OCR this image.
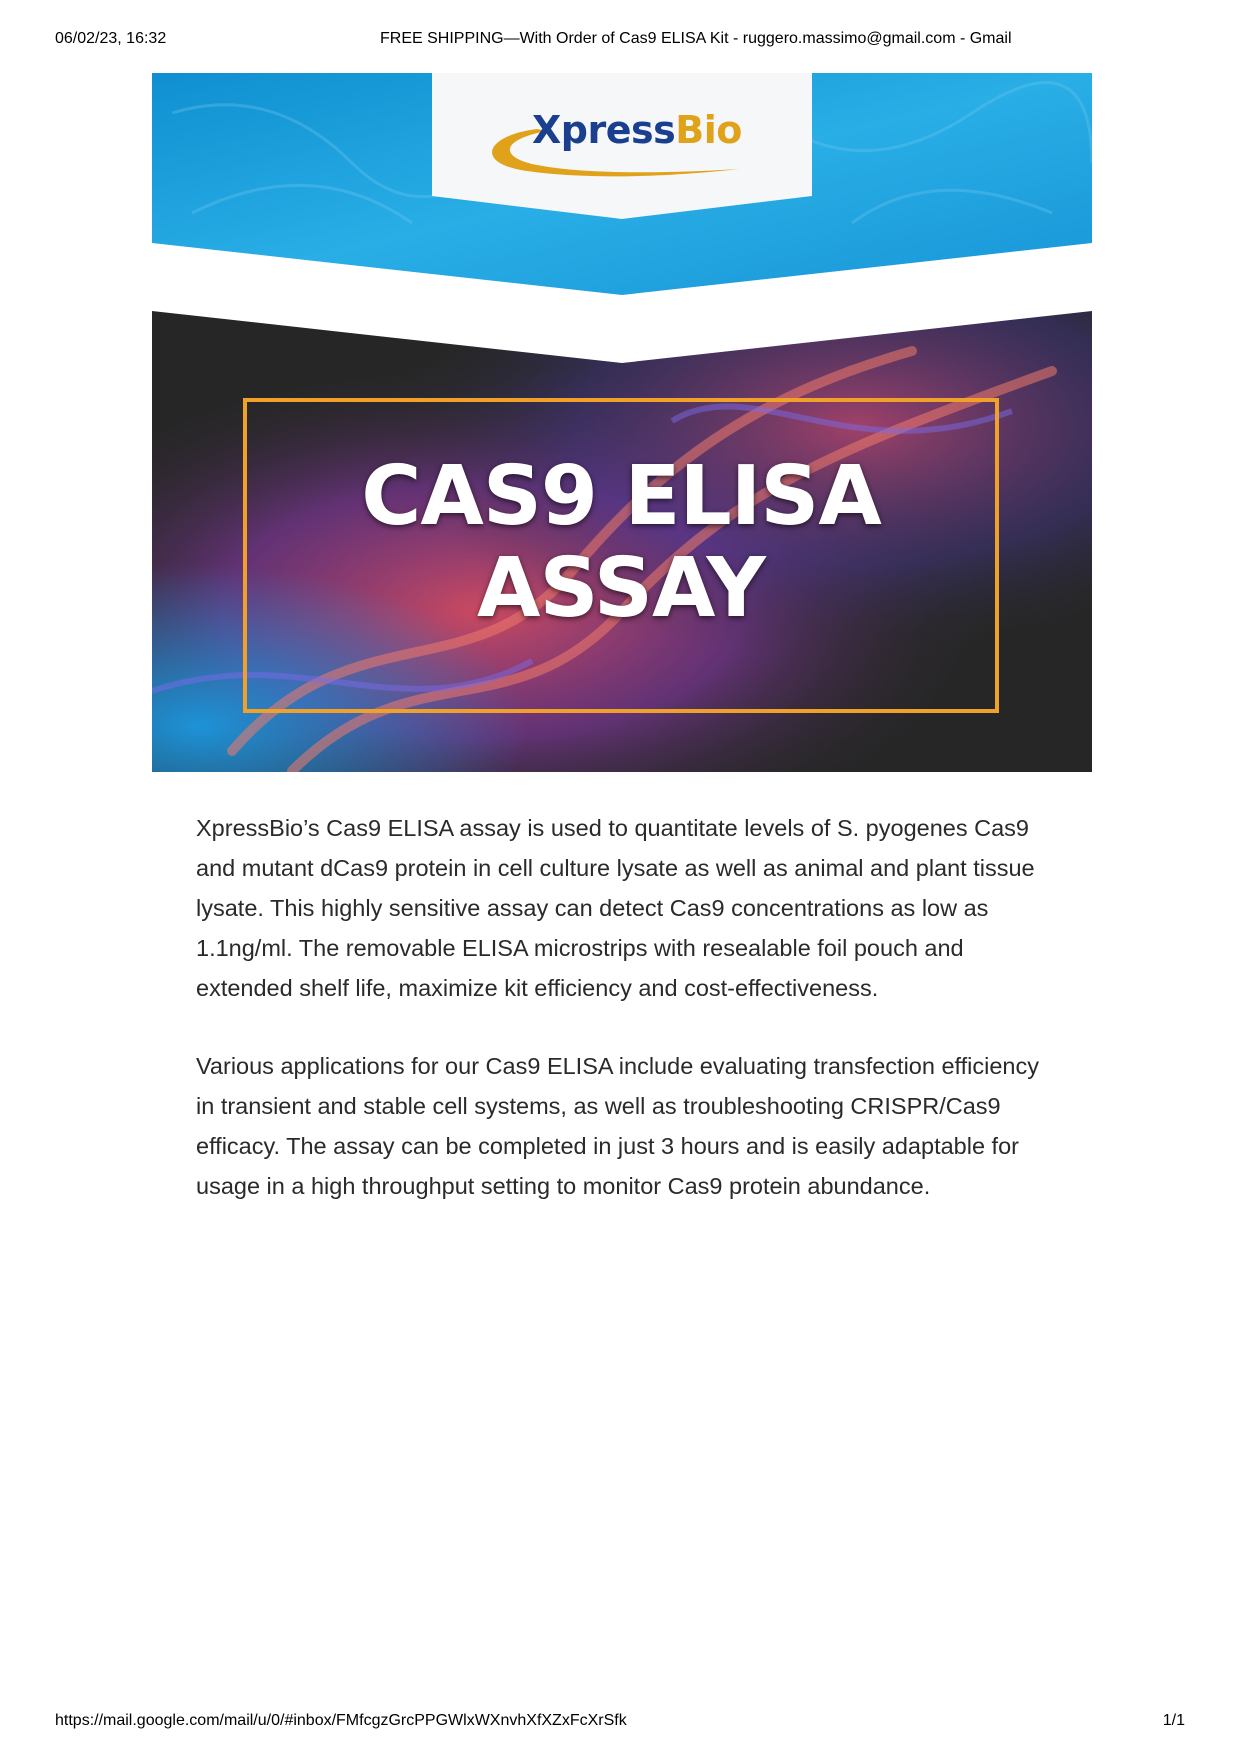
06/02/23, 16:32	FREE SHIPPING—With Order of Cas9 ELISA Kit - ruggero.massimo@gmail.com - Gmail
XpressBio
CAS9 ELISA
ASSAY

XpressBio’s Cas9 ELISA assay is used to quantitate levels of S. pyogenes Cas9 and mutant dCas9 protein in cell culture lysate as well as animal and plant tissue lysate. This highly sensitive assay can detect Cas9 concentrations as low as 1.1ng/ml. The removable ELISA microstrips with resealable foil pouch and extended shelf life, maximize kit efficiency and cost-effectiveness.

Various applications for our Cas9 ELISA include evaluating transfection efficiency in transient and stable cell systems, as well as troubleshooting CRISPR/Cas9 efficacy. The assay can be completed in just 3 hours and is easily adaptable for usage in a high throughput setting to monitor Cas9 protein abundance.

https://mail.google.com/mail/u/0/#inbox/FMfcgzGrcPPGWlxWXnvhXfXZxFcXrSfk	1/1
